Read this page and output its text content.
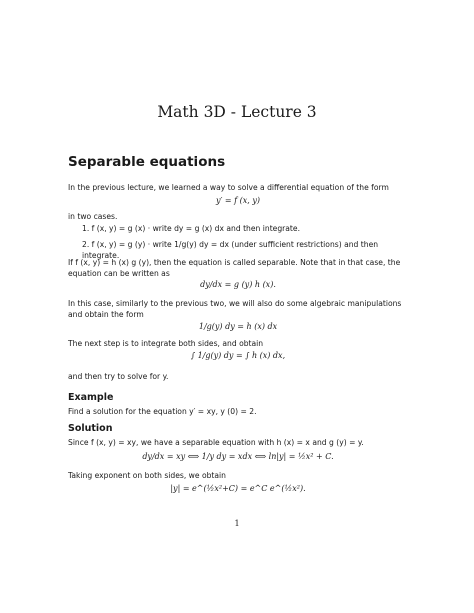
Math 3D - Lecture 3
Separable equations
In the previous lecture, we learned a way to solve a differential equation of the form
y′ = f (x, y)
in two cases.
1. f (x, y) = g (x) · write dy = g (x) dx and then integrate.
2. f (x, y) = g (y) · write 1/g(y) dy = dx (under sufficient restrictions) and then integrate.
If f (x, y) = h (x) g (y), then the equation is called separable. Note that in that case, the equation can be written as
dy/dx = g (y) h (x).
In this case, similarly to the previous two, we will also do some algebraic manipulations and obtain the form
1/g(y) dy = h (x) dx
The next step is to integrate both sides, and obtain
∫ 1/g(y) dy = ∫ h (x) dx,
and then try to solve for y.
Example
Find a solution for the equation y′ = xy, y (0) = 2.
Solution
Since f (x, y) = xy, we have a separable equation with h (x) = x and g (y) = y.
dy/dx = xy ⟺ 1/y dy = xdx ⟺ ln|y| = ½x² + C.
Taking exponent on both sides, we obtain
|y| = e^(½x²+C) = e^C e^(½x²).
1
